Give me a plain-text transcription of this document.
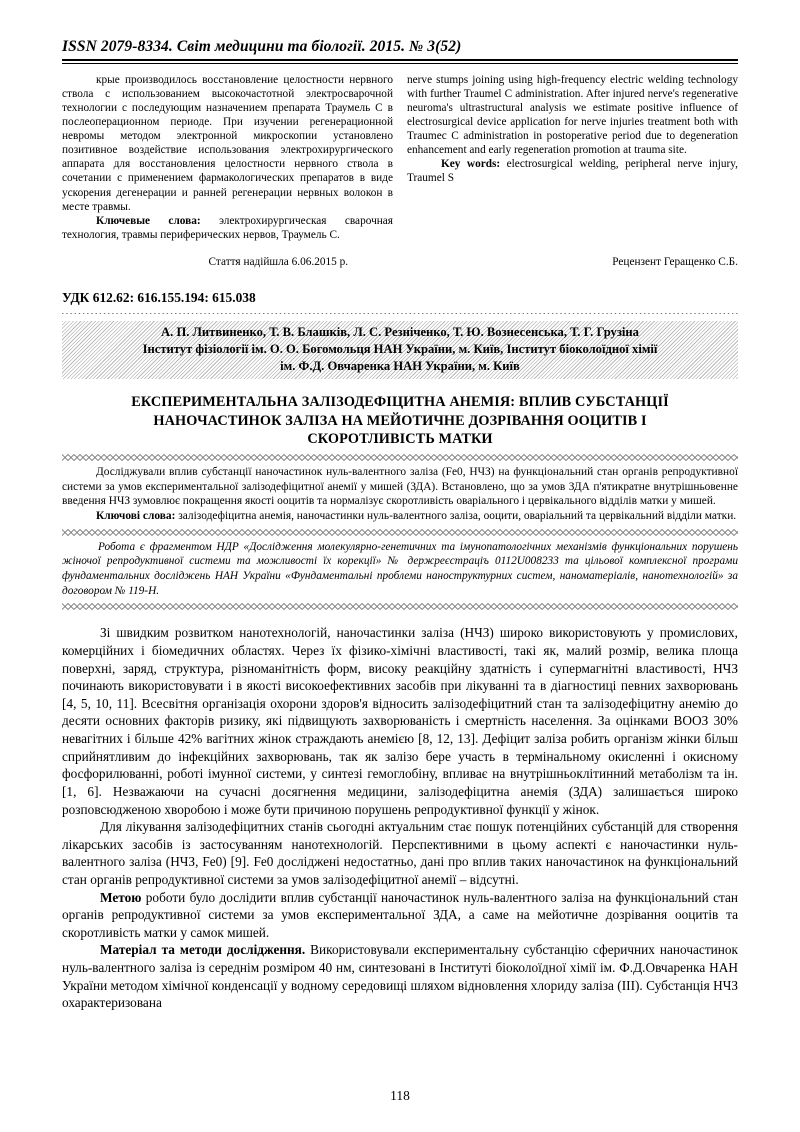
ISSN 2079-8334. Світ медицини та біології. 2015. № 3(52)

крые производилось восстановление целостности нервного ствола с использованием высокочастотной электросварочной технологии с последующим назначением препарата Траумель С в послеоперационном периоде. При изучении регенерационной невромы методом электронной микроскопии установлено позитивное воздействие использования электрохирургического аппарата для восстановления целостности нервного ствола в сочетании с применением фармакологических препаратов в виде ускорения дегенерации и ранней регенерации нервных волокон в месте травмы.

Ключевые слова: электрохирургическая сварочная технология, травмы периферических нервов, Траумель С.

nerve stumps joining using high-frequency electric welding technology with further Traumel C administration. After injured nerve's regenerative neuroma's ultrastructural analysis we estimate positive influence of electrosurgical device application for nerve injuries treatment both with Traumec C administration in postoperative period due to degeneration enhancement and early regeneration promotion at trauma site.

Key words: electrosurgical welding, peripheral nerve injury, Traumel S

Стаття надійшла 6.06.2015 р.	Рецензент Геращенко С.Б.
УДК 612.62: 616.155.194: 615.038
А. П. Литвиненко, Т. В. Блашків, Л. С. Резніченко, Т. Ю. Вознесенська, Т. Г. Грузіна
Інститут фізіології ім. О. О. Богомольця НАН України, м. Київ, Інститут біоколоїдної хімії
ім. Ф.Д. Овчаренка НАН України, м. Київ
ЕКСПЕРИМЕНТАЛЬНА ЗАЛІЗОДЕФІЦИТНА АНЕМІЯ: ВПЛИВ СУБСТАНЦІЇ
НАНОЧАСТИНОК ЗАЛІЗА НА МЕЙОТИЧНЕ ДОЗРІВАННЯ ООЦИТІВ І
СКОРОТЛИВІСТЬ МАТКИ

Досліджували вплив субстанції наночастинок нуль-валентного заліза (Fe0, НЧЗ) на функціональний стан органів репродуктивної системи за умов експериментальної залізодефіцитної анемії у мишей (ЗДА). Встановлено, що за умов ЗДА п'ятикратне внутрішньовенне введення НЧЗ зумовлює покращення якості ооцитів та нормалізує скоротливість оваріального і цервікального відділів матки у мишей.

Ключові слова: залізодефіцитна анемія, наночастинки нуль-валентного заліза, ооцити, оваріальний та цервікальний відділи матки.

Робота є фрагментом НДР «Дослідження молекулярно-генетичних та імунопатологічних механізмів функціональних порушень жіночої репродуктивної системи та можливості їх корекції» № держреєстраціъ 0112U008233 та цільової комплексної програми фундаментальних досліджень НАН України «Фундаментальні проблеми наноструктурних систем, наноматеріалів, нанотехнологій» за договором № 119-Н.

Зі швидким розвитком нанотехнологій, наночастинки заліза (НЧЗ) широко використовують у промислових, комерційних і біомедичних областях. Через їх фізико-хімічні властивості, такі як, малий розмір, велика площа поверхні, заряд, структура, різноманітність форм, високу реакційну здатність і супермагнітні властивості, НЧЗ починають використовувати і в якості високоефективних засобів при лікуванні та в діагностиці певних захворювань [4, 5, 10, 11]. Всесвітня організація охорони здоров'я відносить залізодефіцитний стан та залізодефіцитну анемію до десяти основних факторів ризику, які підвищують захворюваність і смертність населення. За оцінками ВООЗ 30% невагітних і більше 42% вагітних жінок страждають анемією [8, 12, 13]. Дефіцит заліза робить організм жінки більш сприйнятливим до інфекційних захворювань, так як залізо бере участь в термінальному окисленні і окисному фосфорилюванні, роботі імунної системи, у синтезі гемоглобіну, впливає на внутрішньоклітинний метаболізм та ін. [1, 6]. Незважаючи на сучасні досягнення медицини, залізодефіцитна анемія (ЗДА) залишається широко розповсюдженою хворобою і може бути причиною порушень репродуктивної функції у жінок.

Для лікування залізодефіцитних станів сьогодні актуальним стає пошук потенційних субстанцій для створення лікарських засобів із застосуванням нанотехнологій. Перспективними в цьому аспекті є наночастинки нуль-валентного заліза (НЧЗ, Fe0) [9]. Fe0 досліджені недостатньо, дані про вплив таких наночастинок на функціональний стан органів репродуктивної системи за умов залізодефіцитної анемії – відсутні.

Метою роботи було дослідити вплив субстанції наночастинок нуль-валентного заліза на функціональний стан органів репродуктивної системи за умов експериментальної ЗДА, а саме на мейотичне дозрівання ооцитів та скоротливість матки у самок мишей.

Матеріал та методи дослідження. Використовували експериментальну субстанцію сферичних наночастинок нуль-валентного заліза із середнім розміром 40 нм, синтезовані в Інституті біоколоїдної хімії ім. Ф.Д.Овчаренка НАН України методом хімічної конденсації у водному середовищі шляхом відновлення хлориду заліза (III). Субстанція НЧЗ охарактеризована

118
